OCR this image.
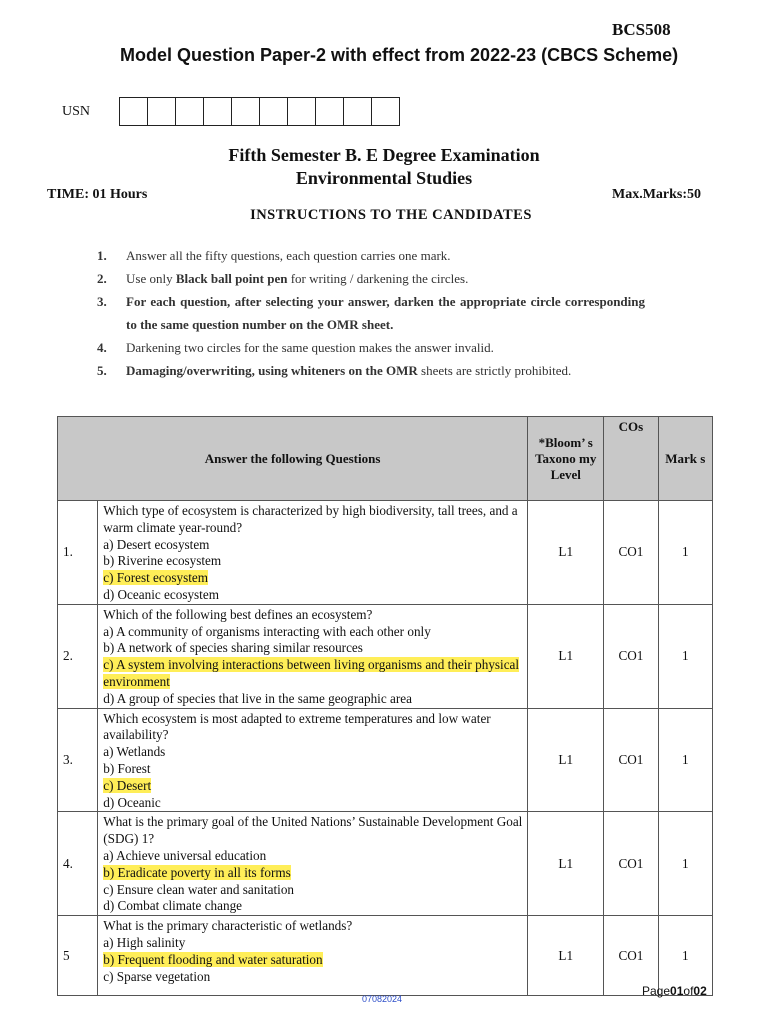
BCS508
Model Question Paper-2 with effect from 2022-23 (CBCS Scheme)
USN
Fifth Semester B. E Degree Examination
Environmental Studies
TIME: 01 Hours	Max.Marks:50
INSTRUCTIONS TO THE CANDIDATES
1. Answer all the fifty questions, each question carries one mark.
2. Use only Black ball point pen for writing / darkening the circles.
3. For each question, after selecting your answer, darken the appropriate circle corresponding to the same question number on the OMR sheet.
4. Darkening two circles for the same question makes the answer invalid.
5. Damaging/overwriting, using whiteners on the OMR sheets are strictly prohibited.
Answer the following Questions		*Bloom’ s Taxono my Level	COs	Mark s
1.	Which type of ecosystem is characterized by high biodiversity, tall trees, and a warm climate year-round?
a) Desert ecosystem
b) Riverine ecosystem
c) Forest ecosystem
d) Oceanic ecosystem	L1	CO1	1
2.	Which of the following best defines an ecosystem?
a) A community of organisms interacting with each other only
b) A network of species sharing similar resources
c) A system involving interactions between living organisms and their physical environment
d) A group of species that live in the same geographic area	L1	CO1	1
3.	Which ecosystem is most adapted to extreme temperatures and low water availability?
a) Wetlands
b) Forest
c) Desert
d) Oceanic	L1	CO1	1
4.	What is the primary goal of the United Nations’ Sustainable Development Goal (SDG) 1?
a) Achieve universal education
b) Eradicate poverty in all its forms
c) Ensure clean water and sanitation
d) Combat climate change	L1	CO1	1
5	What is the primary characteristic of wetlands?
a) High salinity
b) Frequent flooding and water saturation
c) Sparse vegetation	L1	CO1	1
07082024
Page01of02
